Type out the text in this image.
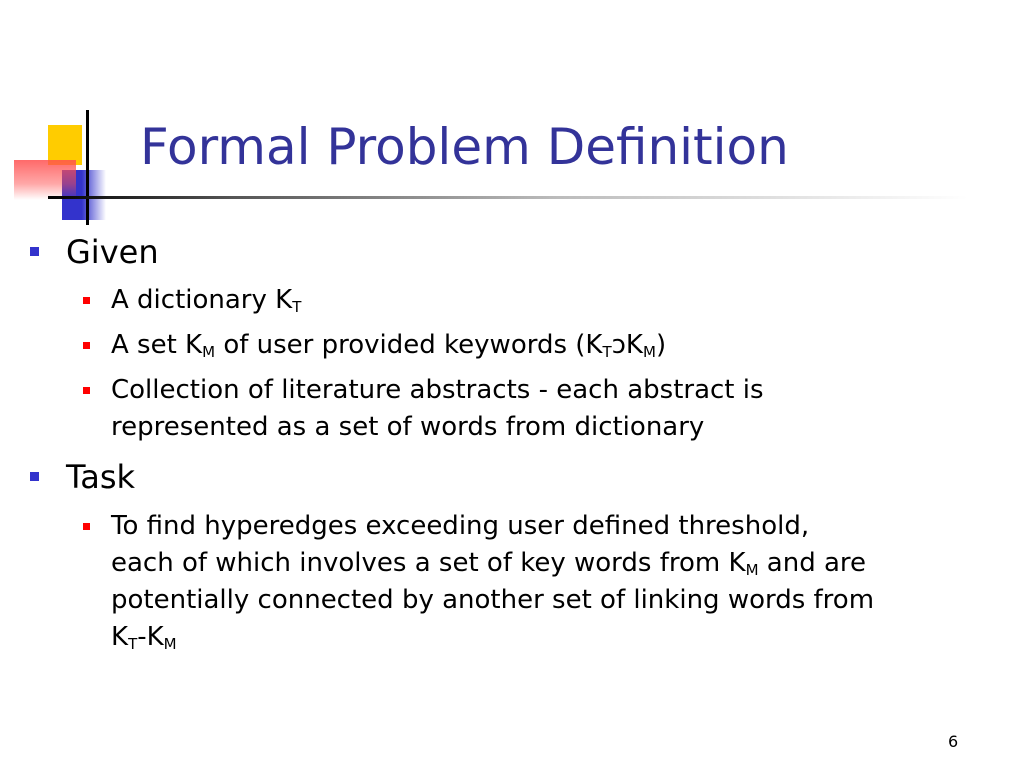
Formal Problem Definition
Given
A dictionary $K_T$
A set $K_M$ of user provided keywords $(K_TɔK_M)$
Collection of literature abstracts - each abstract is
represented as a set of words from dictionary
Task
To find hyperedges exceeding user defined threshold,
each of which involves a set of key words from $K_M$ and are
potentially connected by another set of linking words from
$K_T-K_M$
6
